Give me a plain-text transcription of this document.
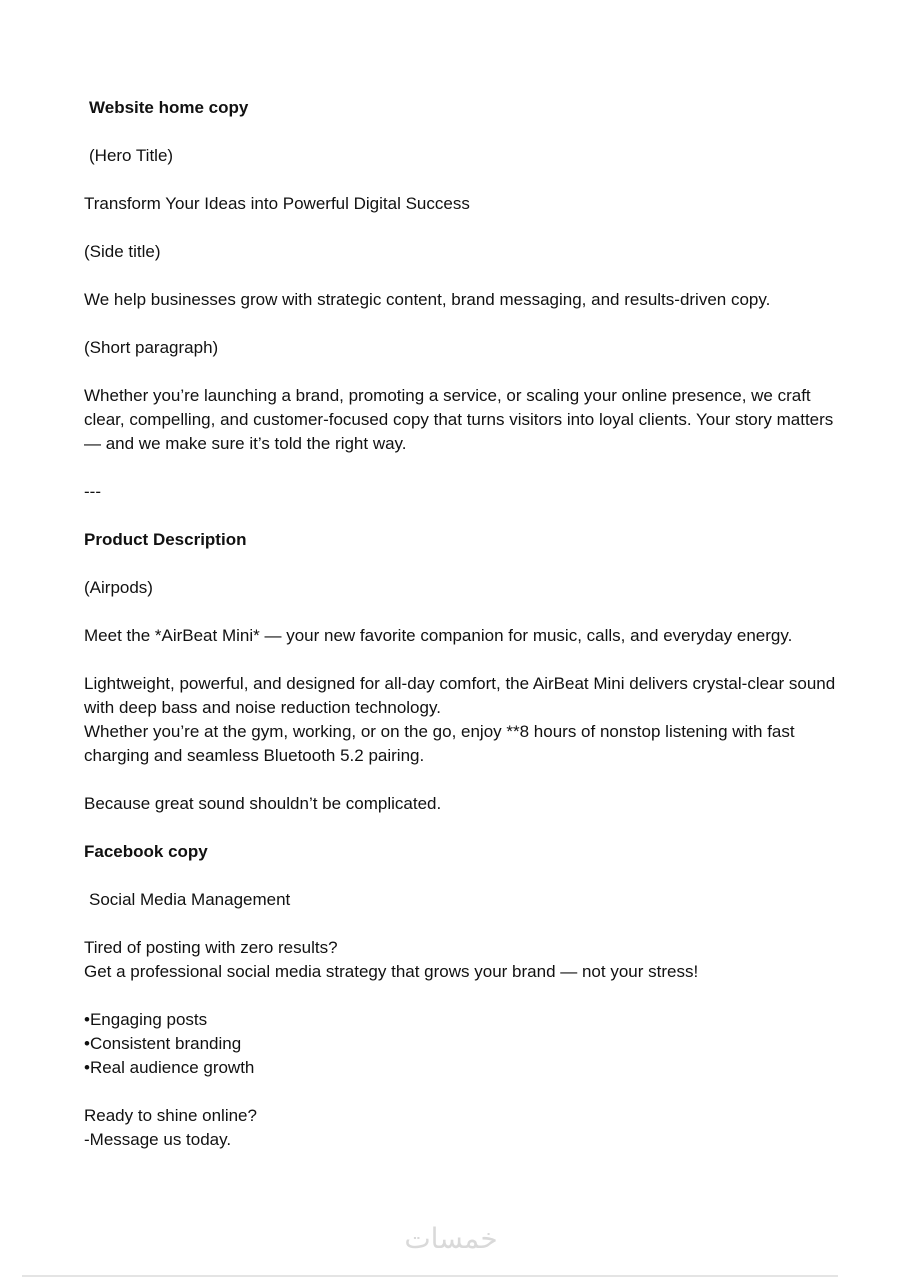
Website home copy
(Hero Title)
Transform Your Ideas into Powerful Digital Success
(Side title)
We help businesses grow with strategic content, brand messaging, and results-driven copy.
(Short paragraph)

Whether you’re launching a brand, promoting a service, or scaling your online presence, we craft clear, compelling, and customer-focused copy that turns visitors into loyal clients. Your story matters — and we make sure it’s told the right way.

---
Product Description
(Airpods)
Meet the *AirBeat Mini* — your new favorite companion for music, calls, and everyday energy.

Lightweight, powerful, and designed for all-day comfort, the AirBeat Mini delivers crystal-clear sound with deep bass and noise reduction technology.

Whether you’re at the gym, working, or on the go, enjoy **8 hours of nonstop listening with fast charging and seamless Bluetooth 5.2 pairing.

Because great sound shouldn’t be complicated.
Facebook copy
Social Media Management
Tired of posting with zero results?
Get a professional social media strategy that grows your brand — not your stress!
•Engaging posts
•Consistent branding
•Real audience growth
Ready to shine online?
-Message us today.
خمسات
